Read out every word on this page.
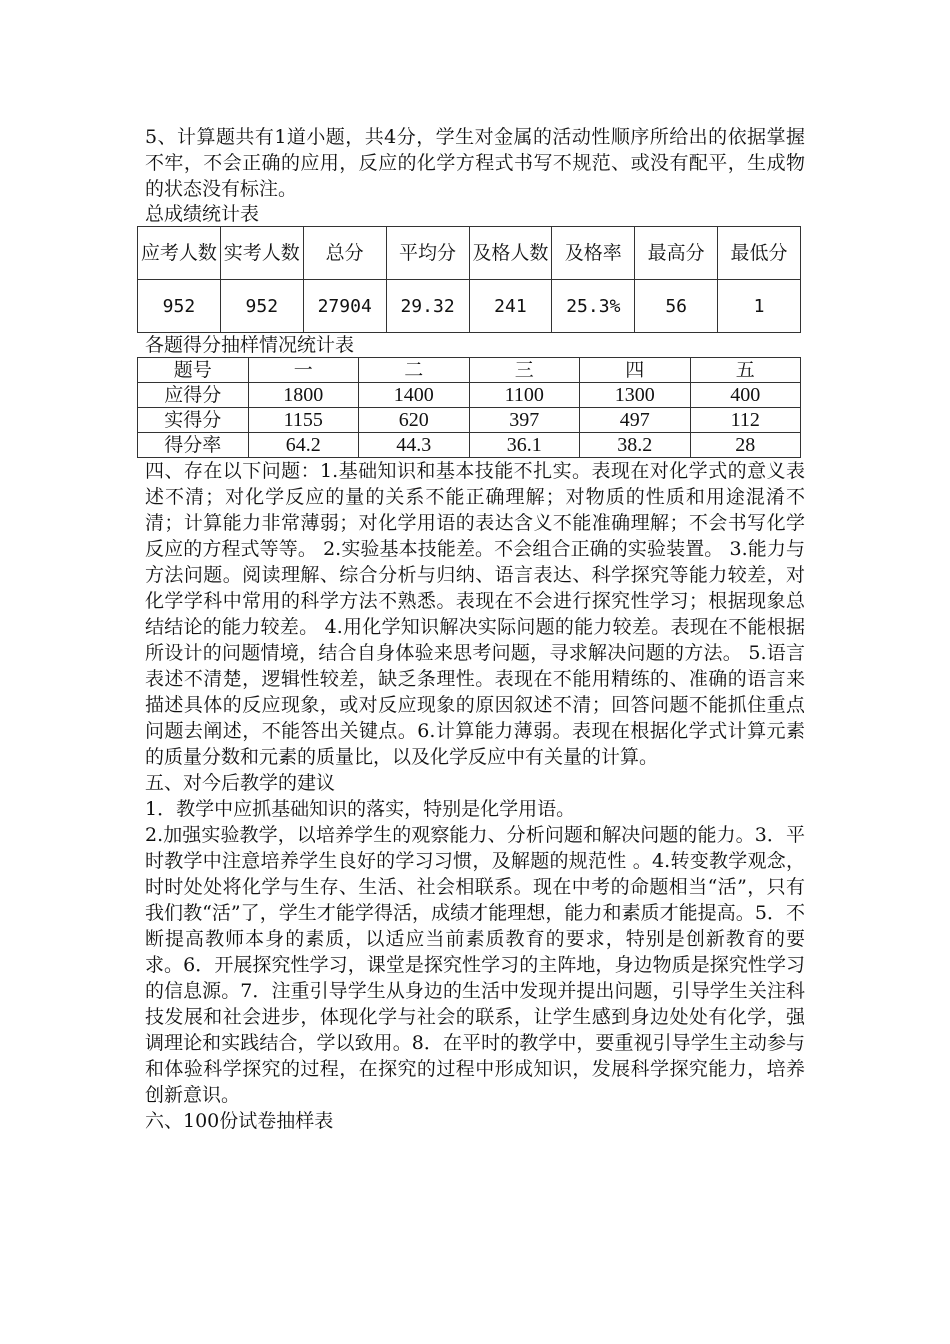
5、计算题共有1道小题，共4分，学生对金属的活动性顺序所给出的依据掌握不牢，不会正确的应用，反应的化学方程式书写不规范、或没有配平，生成物的状态没有标注。

总成绩统计表

应考人数	实考人数	总分	平均分	及格人数	及格率	最高分	最低分
952	952	27904	29.32	241	25.3%	56	1

各题得分抽样情况统计表

题号	一	二	三	四	五
应得分	1800	1400	1100	1300	400
实得分	1155	620	397	497	112
得分率	64.2	44.3	36.1	38.2	28

四、存在以下问题：1.基础知识和基本技能不扎实。表现在对化学式的意义表述不清；对化学反应的量的关系不能正确理解；对物质的性质和用途混淆不清；计算能力非常薄弱；对化学用语的表达含义不能准确理解；不会书写化学反应的方程式等等。 2.实验基本技能差。不会组合正确的实验装置。 3.能力与方法问题。阅读理解、综合分析与归纳、语言表达、科学探究等能力较差，对化学学科中常用的科学方法不熟悉。表现在不会进行探究性学习；根据现象总结结论的能力较差。 4.用化学知识解决实际问题的能力较差。表现在不能根据所设计的问题情境，结合自身体验来思考问题，寻求解决问题的方法。 5.语言表述不清楚，逻辑性较差，缺乏条理性。表现在不能用精练的、准确的语言来描述具体的反应现象，或对反应现象的原因叙述不清；回答问题不能抓住重点问题去阐述，不能答出关键点。6.计算能力薄弱。表现在根据化学式计算元素的质量分数和元素的质量比，以及化学反应中有关量的计算。

五、对今后教学的建议

1．教学中应抓基础知识的落实，特别是化学用语。

2.加强实验教学，以培养学生的观察能力、分析问题和解决问题的能力。3．平时教学中注意培养学生良好的学习习惯，及解题的规范性 。4.转变教学观念，时时处处将化学与生存、生活、社会相联系。现在中考的命题相当“活”，只有我们教“活”了，学生才能学得活，成绩才能理想，能力和素质才能提高。5．不断提高教师本身的素质，以适应当前素质教育的要求，特别是创新教育的要求。6．开展探究性学习，课堂是探究性学习的主阵地，身边物质是探究性学习的信息源。7．注重引导学生从身边的生活中发现并提出问题，引导学生关注科技发展和社会进步，体现化学与社会的联系，让学生感到身边处处有化学，强调理论和实践结合，学以致用。8．在平时的教学中，要重视引导学生主动参与和体验科学探究的过程，在探究的过程中形成知识，发展科学探究能力，培养创新意识。

六、100份试卷抽样表
